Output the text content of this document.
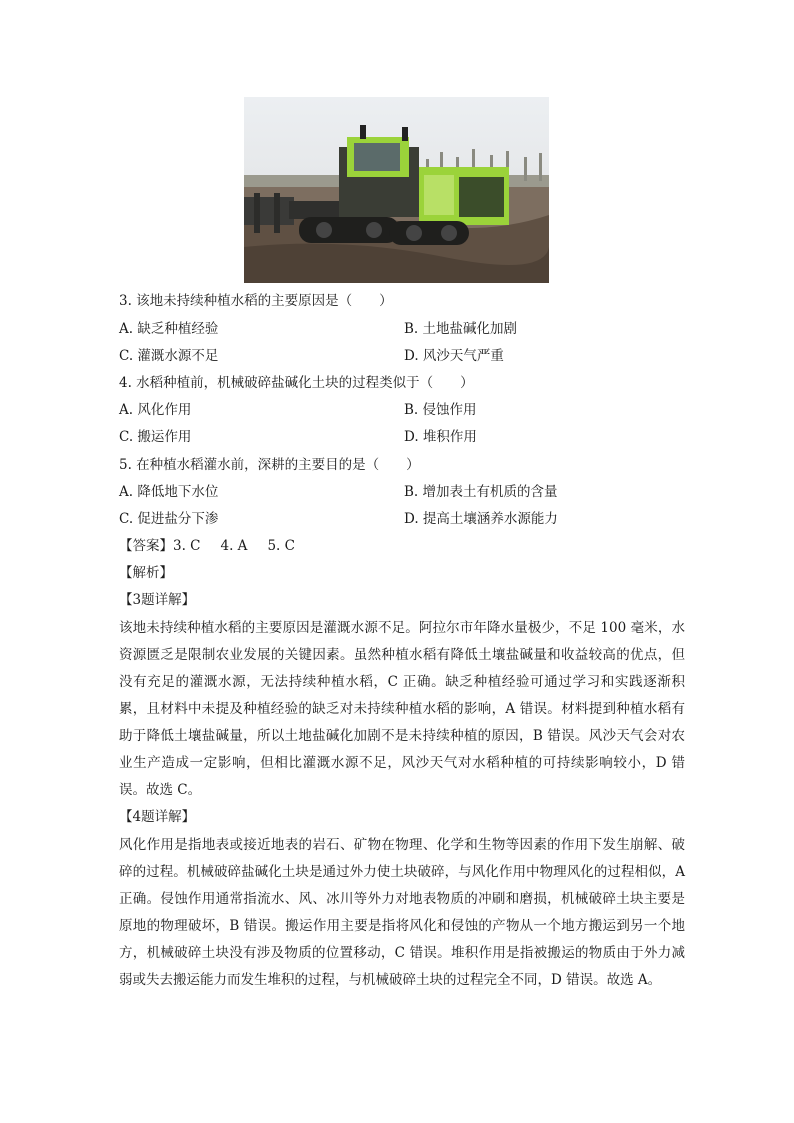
3. 该地未持续种植水稻的主要原因是（　　）
A. 缺乏种植经验	B. 土地盐碱化加剧
C. 灌溉水源不足	D. 风沙天气严重
4. 水稻种植前，机械破碎盐碱化土块的过程类似于（　　）
A. 风化作用	B. 侵蚀作用
C. 搬运作用	D. 堆积作用
5. 在种植水稻灌水前，深耕的主要目的是（　　）
A. 降低地下水位	B. 增加表土有机质的含量
C. 促进盐分下渗	D. 提高土壤涵养水源能力
【答案】3. C 4. A 5. C
【解析】
【3题详解】
该地未持续种植水稻的主要原因是灌溉水源不足。阿拉尔市年降水量极少，不足 100 毫米，水资源匮乏是限制农业发展的关键因素。虽然种植水稻有降低土壤盐碱量和收益较高的优点，但没有充足的灌溉水源，无法持续种植水稻，C 正确。缺乏种植经验可通过学习和实践逐渐积累，且材料中未提及种植经验的缺乏对未持续种植水稻的影响，A 错误。材料提到种植水稻有助于降低土壤盐碱量，所以土地盐碱化加剧不是未持续种植的原因，B 错误。风沙天气会对农业生产造成一定影响，但相比灌溉水源不足，风沙天气对水稻种植的可持续影响较小，D 错误。故选 C。
【4题详解】
风化作用是指地表或接近地表的岩石、矿物在物理、化学和生物等因素的作用下发生崩解、破碎的过程。机械破碎盐碱化土块是通过外力使土块破碎，与风化作用中物理风化的过程相似，A 正确。侵蚀作用通常指流水、风、冰川等外力对地表物质的冲刷和磨损，机械破碎土块主要是原地的物理破坏，B 错误。搬运作用主要是指将风化和侵蚀的产物从一个地方搬运到另一个地方，机械破碎土块没有涉及物质的位置移动，C 错误。堆积作用是指被搬运的物质由于外力减弱或失去搬运能力而发生堆积的过程，与机械破碎土块的过程完全不同，D 错误。故选 A。
